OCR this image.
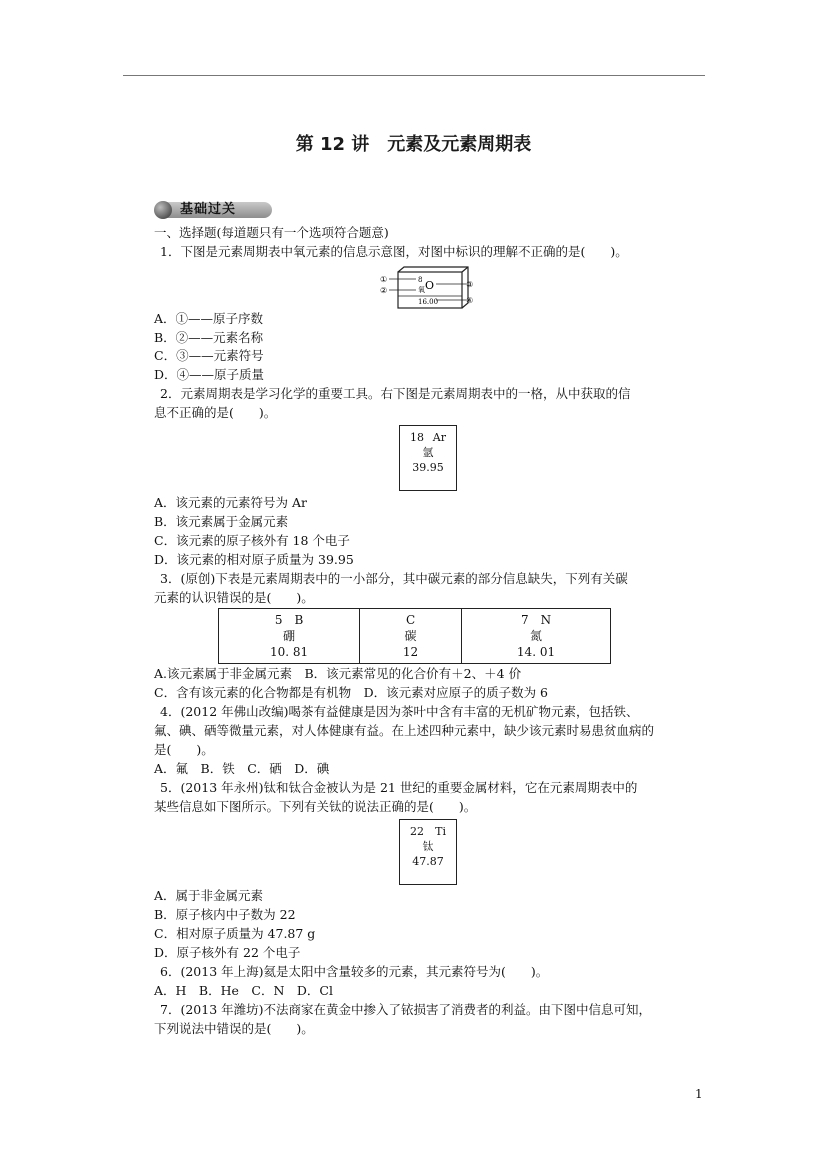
第 12 讲　元素及元素周期表
基础过关
一、选择题(每道题只有一个选项符合题意)
1．下图是元素周期表中氧元素的信息示意图，对图中标识的理解不正确的是(　　)。
8
氧 O
16.00
①
②
③
④
A．①——原子序数
B．②——元素名称
C．③——元素符号
D．④——原子质量
2．元素周期表是学习化学的重要工具。右下图是元素周期表中的一格，从中获取的信
息不正确的是(　　)。
18 Ar
氩
39.95
A．该元素的元素符号为 Ar
B．该元素属于金属元素
C．该元素的原子核外有 18 个电子
D．该元素的相对原子质量为 39.95
3．(原创)下表是元素周期表中的一小部分，其中碳元素的部分信息缺失，下列有关碳
元素的认识错误的是(　　)。
5　B
硼
10. 81

C
碳
12

7　N
氮
14. 01
A.该元素属于非金属元素　B．该元素常见的化合价有＋2、＋4 价
C．含有该元素的化合物都是有机物　D．该元素对应原子的质子数为 6
4．(2012 年佛山改编)喝茶有益健康是因为茶叶中含有丰富的无机矿物元素，包括铁、
氟、碘、硒等微量元素，对人体健康有益。在上述四种元素中，缺少该元素时易患贫血病的
是(　　)。
A．氟　B．铁　C．硒　D．碘
5．(2013 年永州)钛和钛合金被认为是 21 世纪的重要金属材料，它在元素周期表中的
某些信息如下图所示。下列有关钛的说法正确的是(　　)。
22 Ti
钛
47.87
A．属于非金属元素
B．原子核内中子数为 22
C．相对原子质量为 47.87 g
D．原子核外有 22 个电子
6．(2013 年上海)氦是太阳中含量较多的元素，其元素符号为(　　)。
A．H　B．He　C．N　D．Cl
7．(2013 年潍坊)不法商家在黄金中掺入了铱损害了消费者的利益。由下图中信息可知，
下列说法中错误的是(　　)。
1
